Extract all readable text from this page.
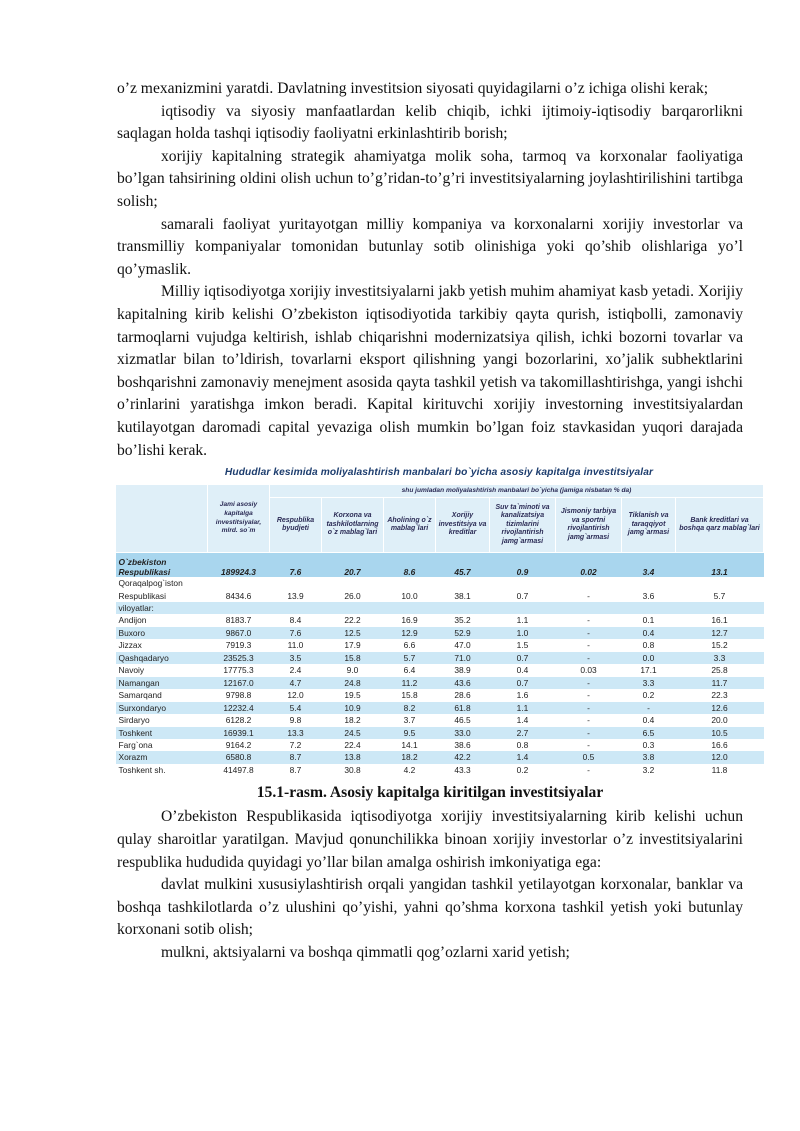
o’z mexanizmini yaratdi. Davlatning investitsion siyosati quyidagilarni o’z ichiga olishi kerak;

iqtisodiy va siyosiy manfaatlardan kelib chiqib, ichki ijtimoiy-iqtisodiy barqarorlikni saqlagan holda tashqi iqtisodiy faoliyatni erkinlashtirib borish;

xorijiy kapitalning strategik ahamiyatga molik soha, tarmoq va korxonalar faoliyatiga bo’lgan tahsirining oldini olish uchun to’g’ridan-to’g’ri investitsiyalarning joylashtirilishini tartibga solish;

samarali faoliyat yuritayotgan milliy kompaniya va korxonalarni xorijiy investorlar va transmilliy kompaniyalar tomonidan butunlay sotib olinishiga yoki qo’shib olishlariga yo’l qo’ymaslik.

Milliy iqtisodiyotga xorijiy investitsiyalarni jakb yetish muhim ahamiyat kasb yetadi. Xorijiy kapitalning kirib kelishi O’zbekiston iqtisodiyotida tarkibiy qayta qurish, istiqbolli, zamonaviy tarmoqlarni vujudga keltirish, ishlab chiqarishni modernizatsiya qilish, ichki bozorni tovarlar va xizmatlar bilan to’ldirish, tovarlarni eksport qilishning yangi bozorlarini, xo’jalik subhektlarini boshqarishni zamonaviy menejment asosida qayta tashkil yetish va takomillashtirishga, yangi ishchi o’rinlarini yaratishga imkon beradi. Kapital kirituvchi xorijiy investorning investitsiyalardan kutilayotgan daromadi capital yevaziga olish mumkin bo’lgan foiz stavkasidan yuqori darajada bo’lishi kerak.

Hududlar kesimida moliyalashtirish manbalari bo`yicha asosiy kapitalga investitsiyalar
	Jami asosiy kapitalga investitsiyalar, mlrd. so`m	shu jumladan moliyalashtirish manbalari bo`yicha (jamiga nisbatan % da)							
		Respublika byudjeti	Korxona va tashkilotlarning o`z mablag`lari	Aholining o`z mablag`lari	Xorijiy investitsiya va kreditlar	Suv ta`minoti va kanalizatsiya tizimlarini rivojlantirish jamg`armasi	Jismoniy tarbiya va sportni rivojlantirish jamg`armasi	Tiklanish va taraqqiyot jamg`armasi	Bank kreditlari va boshqa qarz mablag`lari
O`zbekiston Respublikasi	189924.3	7.6	20.7	8.6	45.7	0.9	0.02	3.4	13.1
Qoraqalpog`iston
Respublikasi	8434.6	13.9	26.0	10.0	38.1	0.7	-	3.6	5.7
viloyatlar:									
Andijon	8183.7	8.4	22.2	16.9	35.2	1.1	-	0.1	16.1
Buxoro	9867.0	7.6	12.5	12.9	52.9	1.0	-	0.4	12.7
Jizzax	7919.3	11.0	17.9	6.6	47.0	1.5	-	0.8	15.2
Qashqadaryo	23525.3	3.5	15.8	5.7	71.0	0.7	-	0.0	3.3
Navoiy	17775.3	2.4	9.0	6.4	38.9	0.4	0.03	17.1	25.8
Namangan	12167.0	4.7	24.8	11.2	43.6	0.7	-	3.3	11.7
Samarqand	9798.8	12.0	19.5	15.8	28.6	1.6	-	0.2	22.3
Surxondaryo	12232.4	5.4	10.9	8.2	61.8	1.1	-	-	12.6
Sirdaryo	6128.2	9.8	18.2	3.7	46.5	1.4	-	0.4	20.0
Toshkent	16939.1	13.3	24.5	9.5	33.0	2.7	-	6.5	10.5
Farg`ona	9164.2	7.2	22.4	14.1	38.6	0.8	-	0.3	16.6
Xorazm	6580.8	8.7	13.8	18.2	42.2	1.4	0.5	3.8	12.0
Toshkent sh.	41497.8	8.7	30.8	4.2	43.3	0.2	-	3.2	11.8
15.1-rasm. Asosiy kapitalga kiritilgan investitsiyalar

O’zbekiston Respublikasida iqtisodiyotga xorijiy investitsiyalarning kirib kelishi uchun qulay sharoitlar yaratilgan. Mavjud qonunchilikka binoan xorijiy investorlar o’z investitsiyalarini respublika hududida quyidagi yo’llar bilan amalga oshirish imkoniyatiga ega:

davlat mulkini xususiylashtirish orqali yangidan tashkil yetilayotgan korxonalar, banklar va boshqa tashkilotlarda o’z ulushini qo’yishi, yahni qo’shma korxona tashkil yetish yoki butunlay korxonani sotib olish;

mulkni, aktsiyalarni va boshqa qimmatli qog’ozlarni xarid yetish;
